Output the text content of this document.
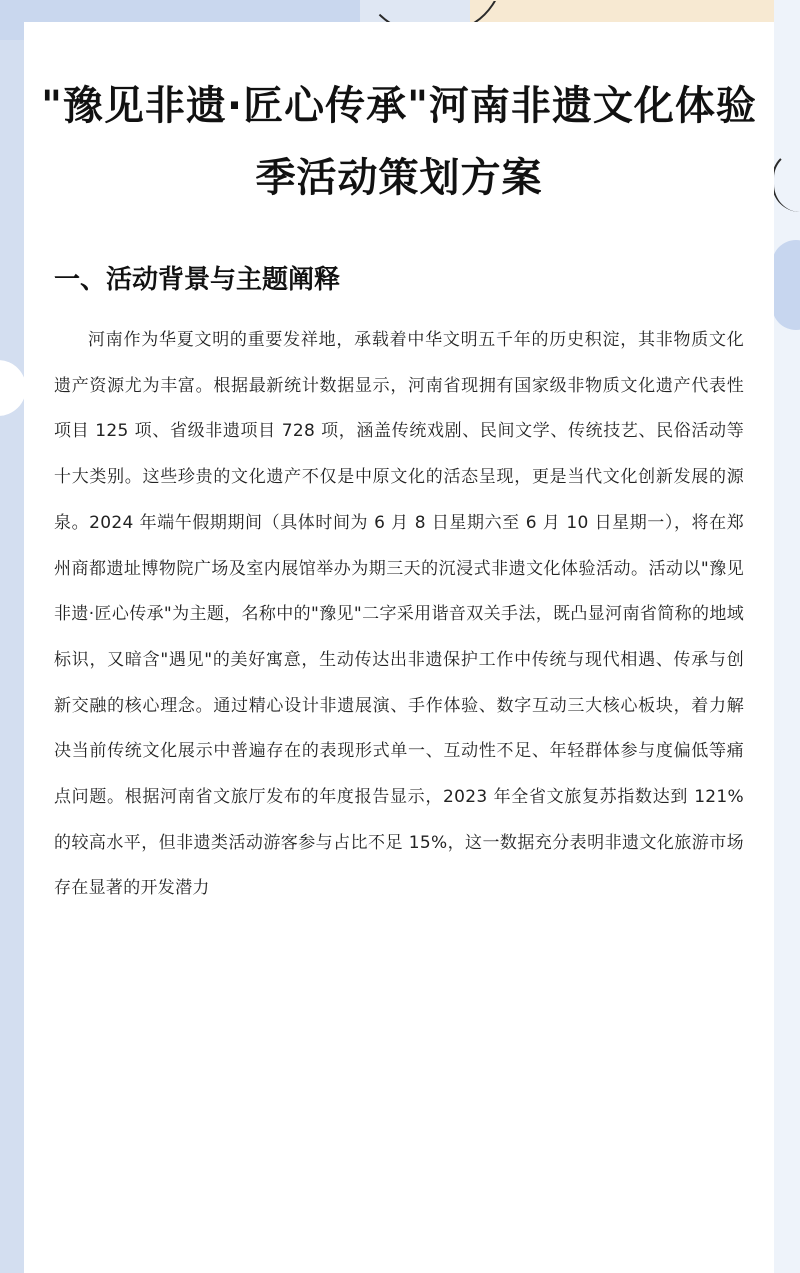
"豫见非遗·匠心传承"河南非遗文化体验季活动策划方案
一、活动背景与主题阐释

河南作为华夏文明的重要发祥地，承载着中华文明五千年的历史积淀，其非物质文化遗产资源尤为丰富。根据最新统计数据显示，河南省现拥有国家级非物质文化遗产代表性项目 125 项、省级非遗项目 728 项，涵盖传统戏剧、民间文学、传统技艺、民俗活动等十大类别。这些珍贵的文化遗产不仅是中原文化的活态呈现，更是当代文化创新发展的源泉。2024 年端午假期期间（具体时间为 6 月 8 日星期六至 6 月 10 日星期一），将在郑州商都遗址博物院广场及室内展馆举办为期三天的沉浸式非遗文化体验活动。活动以"豫见非遗·匠心传承"为主题，名称中的"豫见"二字采用谐音双关手法，既凸显河南省简称的地域标识，又暗含"遇见"的美好寓意，生动传达出非遗保护工作中传统与现代相遇、传承与创新交融的核心理念。通过精心设计非遗展演、手作体验、数字互动三大核心板块，着力解决当前传统文化展示中普遍存在的表现形式单一、互动性不足、年轻群体参与度偏低等痛点问题。根据河南省文旅厅发布的年度报告显示，2023 年全省文旅复苏指数达到 121%的较高水平，但非遗类活动游客参与占比不足 15%，这一数据充分表明非遗文化旅游市场存在显著的开发潜力
